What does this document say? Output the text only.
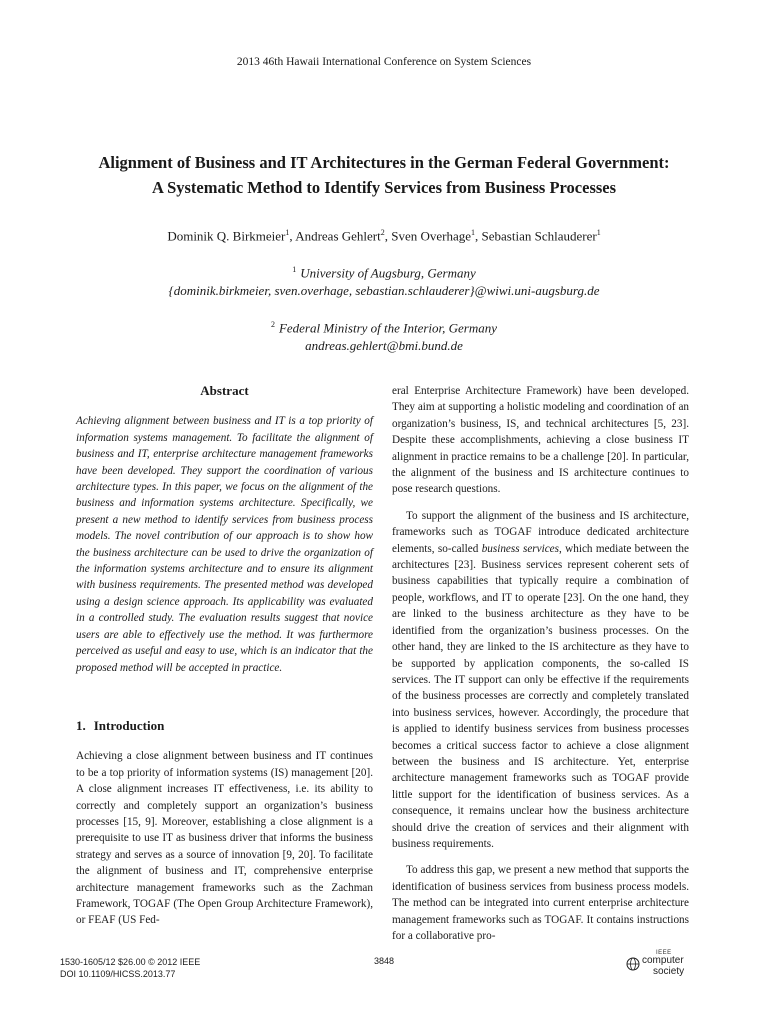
2013 46th Hawaii International Conference on System Sciences
Alignment of Business and IT Architectures in the German Federal Government:
A Systematic Method to Identify Services from Business Processes
Dominik Q. Birkmeier$^1$, Andreas Gehlert$^2$, Sven Overhage$^1$, Sebastian Schlauderer$^1$
$^1$ University of Augsburg, Germany
{dominik.birkmeier, sven.overhage, sebastian.schlauderer}@wiwi.uni-augsburg.de
$^2$ Federal Ministry of the Interior, Germany
andreas.gehlert@bmi.bund.de
Abstract

Achieving alignment between business and IT is a top priority of information systems management. To facilitate the alignment of business and IT, enterprise architecture management frameworks have been developed. They support the coordination of various architecture types. In this paper, we focus on the alignment of the business and information systems architecture. Specifically, we present a new method to identify services from business process models. The novel contribution of our approach is to show how the business architecture can be used to drive the organization of the information systems architecture and to ensure its alignment with business requirements. The presented method was developed using a design science approach. Its applicability was evaluated in a controlled study. The evaluation results suggest that novice users are able to effectively use the method. It was furthermore perceived as useful and easy to use, which is an indicator that the proposed method will be accepted in practice.

1. Introduction

Achieving a close alignment between business and IT continues to be a top priority of information systems (IS) management [20]. A close alignment increases IT effectiveness, i.e. its ability to correctly and completely support an organization’s business processes [15, 9]. Moreover, establishing a close alignment is a prerequisite to use IT as business driver that informs the business strategy and serves as a source of innovation [9, 20]. To facilitate the alignment of business and IT, comprehensive enterprise architecture management frameworks such as the Zachman Framework, TOGAF (The Open Group Architecture Framework), or FEAF (US Fed-

eral Enterprise Architecture Framework) have been developed. They aim at supporting a holistic modeling and coordination of an organization’s business, IS, and technical architectures [5, 23]. Despite these accomplishments, achieving a close business IT alignment in practice remains to be a challenge [20]. In particular, the alignment of the business and IS architecture continues to pose research questions.

To support the alignment of the business and IS architecture, frameworks such as TOGAF introduce dedicated architecture elements, so-called business services, which mediate between the architectures [23]. Business services represent coherent sets of business capabilities that typically require a combination of people, workflows, and IT to operate [23]. On the one hand, they are linked to the business architecture as they have to be identified from the organization’s business processes. On the other hand, they are linked to the IS architecture as they have to be supported by application components, the so-called IS services. The IT support can only be effective if the requirements of the business processes are correctly and completely translated into business services, however. Accordingly, the procedure that is applied to identify business services from business processes becomes a critical success factor to achieve a close alignment between the business and IS architecture. Yet, enterprise architecture management frameworks such as TOGAF provide little support for the identification of business services. As a consequence, it remains unclear how the business architecture should drive the creation of services and their alignment with business requirements.

To address this gap, we present a new method that supports the identification of business services from business process models. The method can be integrated into current enterprise architecture management frameworks such as TOGAF. It contains instructions for a collaborative pro-

1530-1605/12 $26.00 © 2012 IEEE
DOI 10.1109/HICSS.2013.77
3848
IEEE
computer
society
